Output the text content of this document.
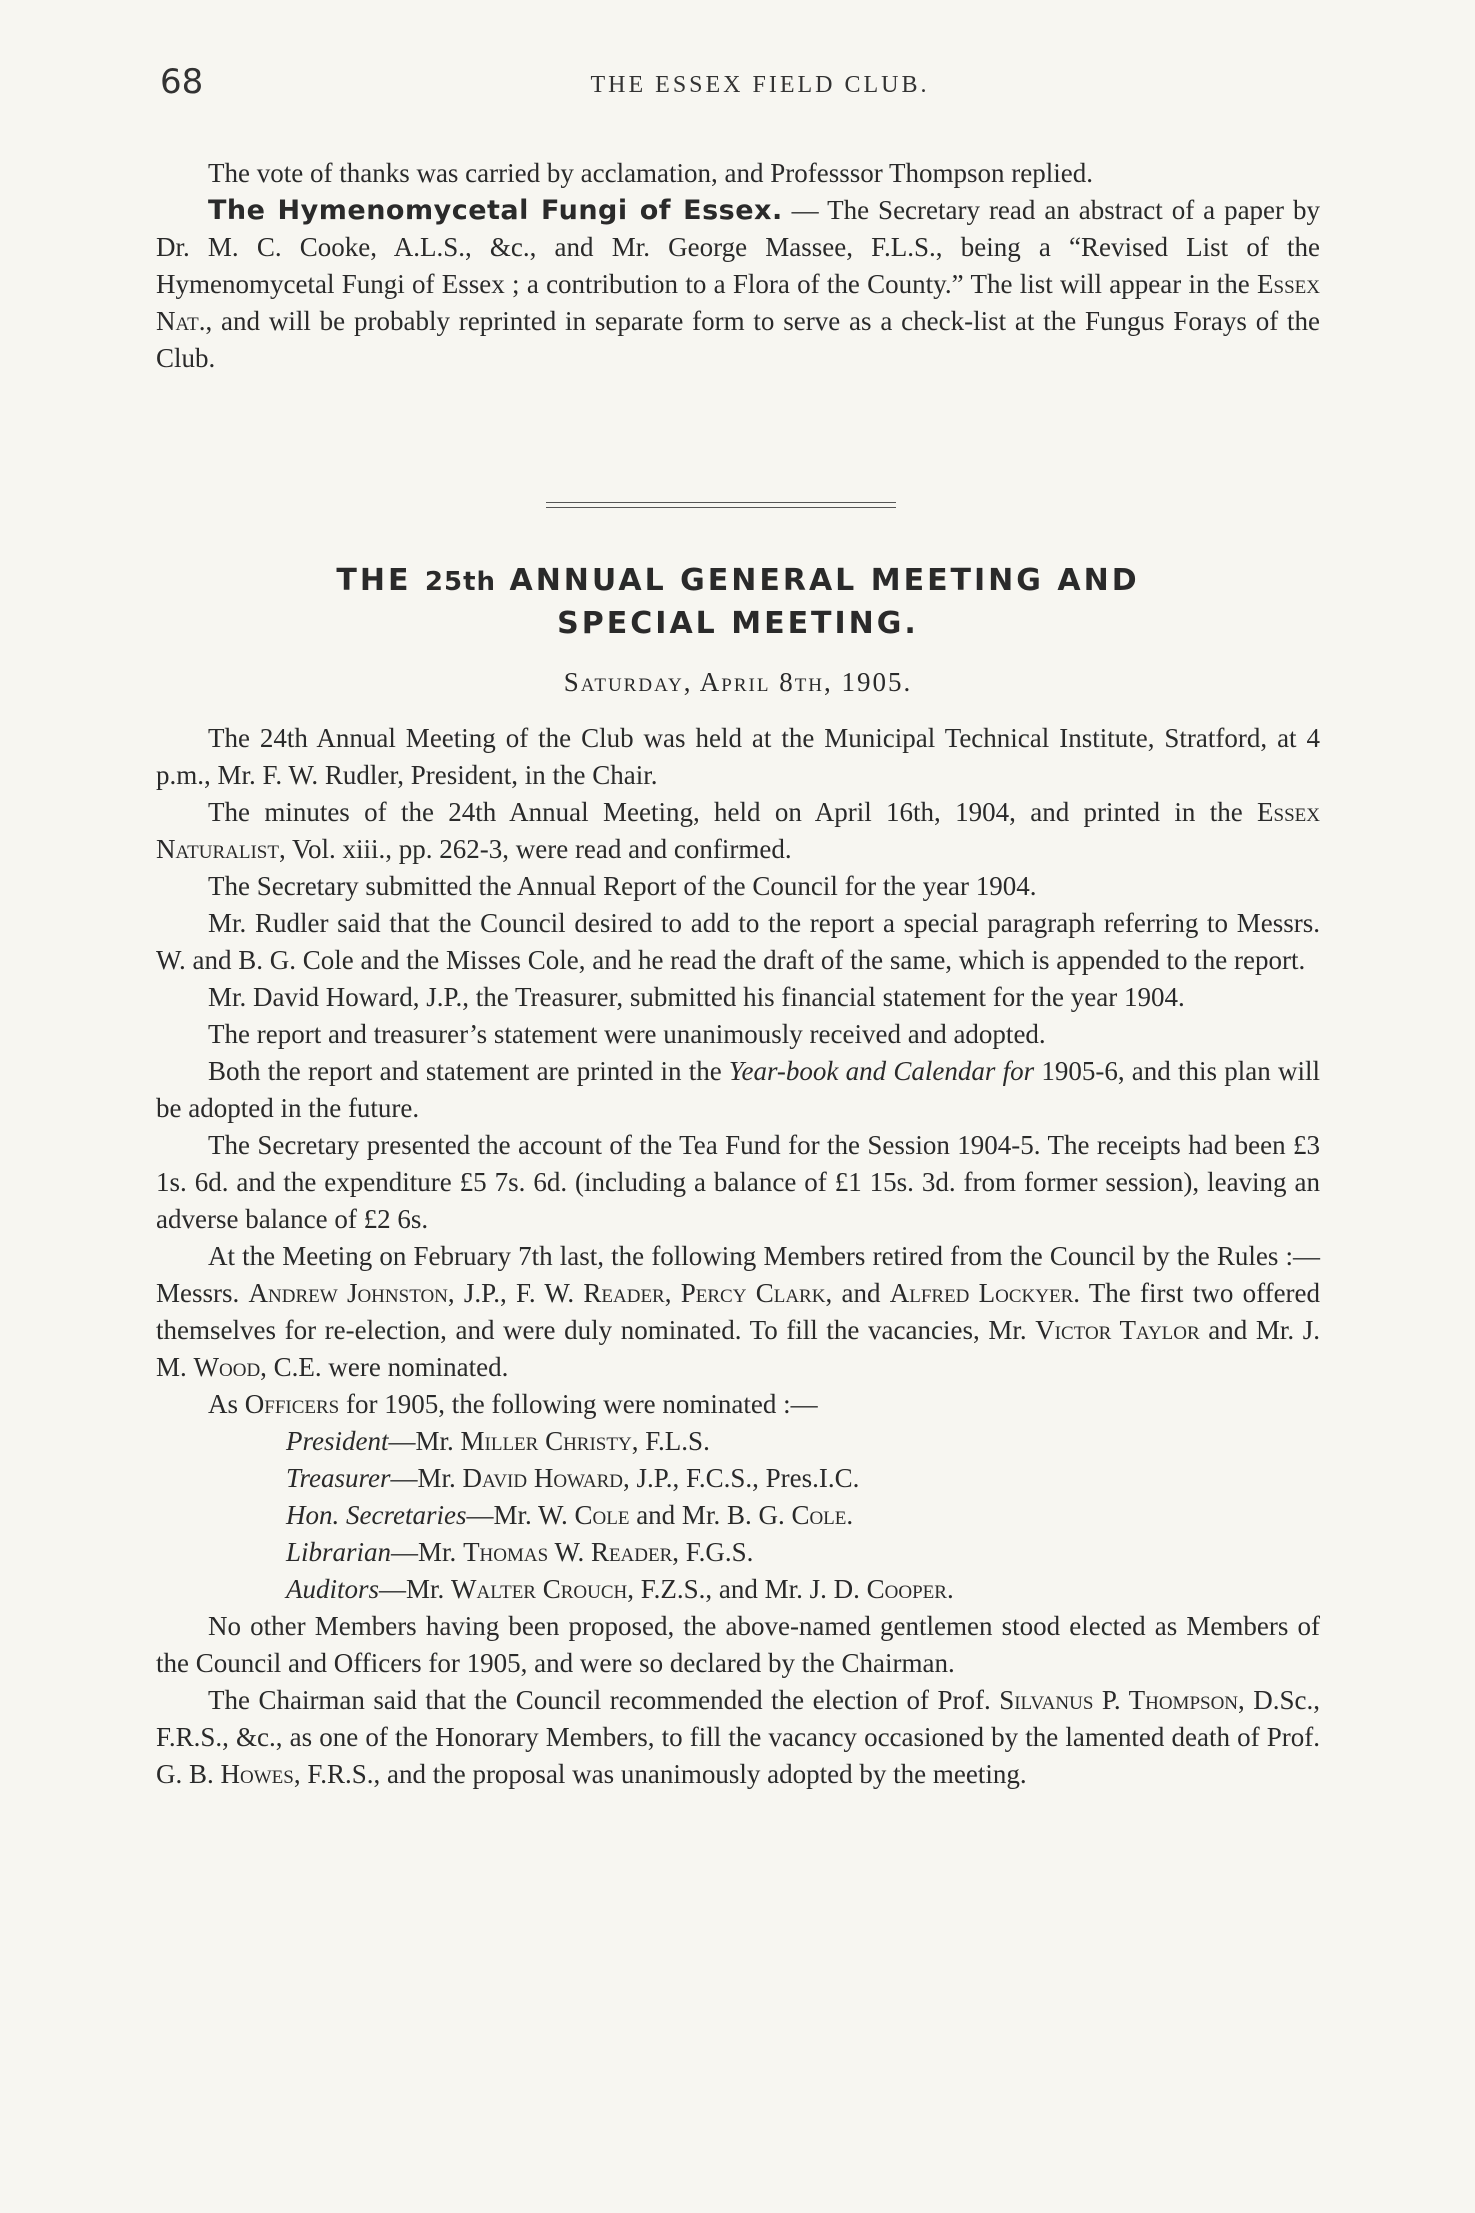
68	THE ESSEX FIELD CLUB.

The vote of thanks was carried by acclamation, and Professsor Thompson replied.

The Hymenomycetal Fungi of Essex. — The Secretary read an abstract of a paper by Dr. M. C. Cooke, A.L.S., &c., and Mr. George Massee, F.L.S., being a “Revised List of the Hymenomycetal Fungi of Essex ; a contribution to a Flora of the County.” The list will appear in the Essex Nat., and will be probably reprinted in separate form to serve as a check-list at the Fungus Forays of the Club.

THE 25th ANNUAL GENERAL MEETING AND
SPECIAL MEETING.
Saturday, April 8th, 1905.

The 24th Annual Meeting of the Club was held at the Municipal Technical Institute, Stratford, at 4 p.m., Mr. F. W. Rudler, President, in the Chair.

The minutes of the 24th Annual Meeting, held on April 16th, 1904, and printed in the Essex Naturalist, Vol. xiii., pp. 262-3, were read and confirmed.

The Secretary submitted the Annual Report of the Council for the year 1904.

Mr. Rudler said that the Council desired to add to the report a special paragraph referring to Messrs. W. and B. G. Cole and the Misses Cole, and he read the draft of the same, which is appended to the report.

Mr. David Howard, J.P., the Treasurer, submitted his financial statement for the year 1904.

The report and treasurer’s statement were unanimously received and adopted.

Both the report and statement are printed in the Year-book and Calendar for 1905-6, and this plan will be adopted in the future.

The Secretary presented the account of the Tea Fund for the Session 1904-5. The receipts had been £3 1s. 6d. and the expenditure £5 7s. 6d. (including a balance of £1 15s. 3d. from former session), leaving an adverse balance of £2 6s.

At the Meeting on February 7th last, the following Members retired from the Council by the Rules :—Messrs. Andrew Johnston, J.P., F. W. Reader, Percy Clark, and Alfred Lockyer. The first two offered themselves for re-election, and were duly nominated. To fill the vacancies, Mr. Victor Taylor and Mr. J. M. Wood, C.E. were nominated.

As Officers for 1905, the following were nominated :—

President—Mr. Miller Christy, F.L.S.

Treasurer—Mr. David Howard, J.P., F.C.S., Pres.I.C.

Hon. Secretaries—Mr. W. Cole and Mr. B. G. Cole.

Librarian—Mr. Thomas W. Reader, F.G.S.

Auditors—Mr. Walter Crouch, F.Z.S., and Mr. J. D. Cooper.

No other Members having been proposed, the above-named gentlemen stood elected as Members of the Council and Officers for 1905, and were so declared by the Chairman.

The Chairman said that the Council recommended the election of Prof. Silvanus P. Thompson, D.Sc., F.R.S., &c., as one of the Honorary Members, to fill the vacancy occasioned by the lamented death of Prof. G. B. Howes, F.R.S., and the proposal was unanimously adopted by the meeting.
